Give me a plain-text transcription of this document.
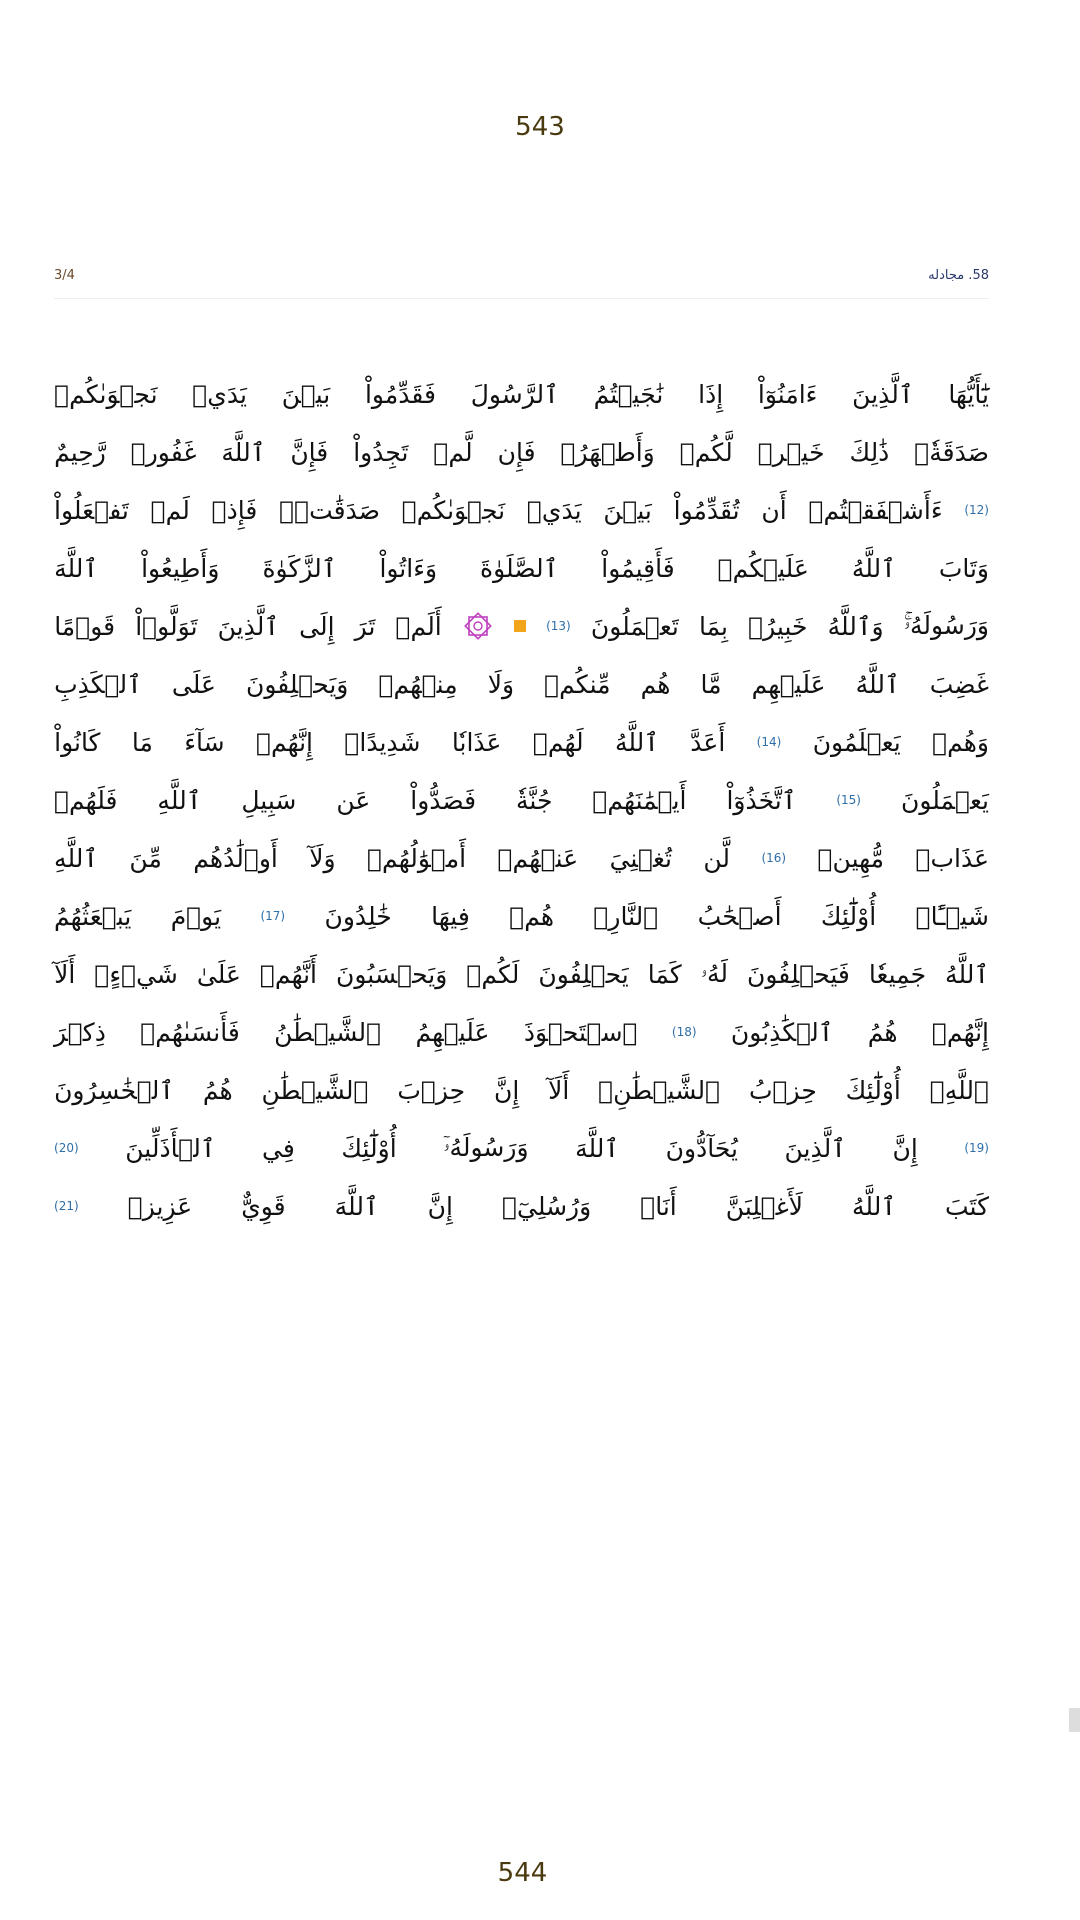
543
3/4	58. مجادله
يَٰٓأَيُّهَا
ٱلَّذِينَ
ءَامَنُوٓاْ
إِذَا
نَٰجَيۡتُمُ
ٱلرَّسُولَ
فَقَدِّمُواْ
بَيۡنَ
يَدَيۡ
نَجۡوَىٰكُمۡ
صَدَقَةٗۚ
ذَٰلِكَ
خَيۡرٞ
لَّكُمۡ
وَأَطۡهَرُۚ
فَإِن
لَّمۡ
تَجِدُواْ
فَإِنَّ
ٱللَّهَ
غَفُورٞ
رَّحِيمٌ
(12)
ءَأَشۡفَقۡتُمۡ
أَن
تُقَدِّمُواْ
بَيۡنَ
يَدَيۡ
نَجۡوَىٰكُمۡ
صَدَقَٰتٖۚ
فَإِذۡ
لَمۡ
تَفۡعَلُواْ
وَتَابَ
ٱللَّهُ
عَلَيۡكُمۡ
فَأَقِيمُواْ
ٱلصَّلَوٰةَ
وَءَاتُواْ
ٱلزَّكَوٰةَ
وَأَطِيعُواْ
ٱللَّهَ
وَرَسُولَهُۥۚ
وَٱللَّهُ
خَبِيرُۢ
بِمَا
تَعۡمَلُونَ
(13)
أَلَمۡ
تَرَ
إِلَى
ٱلَّذِينَ
تَوَلَّوۡاْ
قَوۡمًا
غَضِبَ
ٱللَّهُ
عَلَيۡهِم
مَّا
هُم
مِّنكُمۡ
وَلَا
مِنۡهُمۡ
وَيَحۡلِفُونَ
عَلَى
ٱلۡكَذِبِ
وَهُمۡ
يَعۡلَمُونَ
(14)
أَعَدَّ
ٱللَّهُ
لَهُمۡ
عَذَابٗا
شَدِيدًاۖ
إِنَّهُمۡ
سَآءَ
مَا
كَانُواْ
يَعۡمَلُونَ
(15)
ٱتَّخَذُوٓاْ
أَيۡمَٰنَهُمۡ
جُنَّةٗ
فَصَدُّواْ
عَن
سَبِيلِ
ٱللَّهِ
فَلَهُمۡ
عَذَابٞ
مُّهِينٞ
(16)
لَّن
تُغۡنِيَ
عَنۡهُمۡ
أَمۡوَٰلُهُمۡ
وَلَآ
أَوۡلَٰدُهُم
مِّنَ
ٱللَّهِ
شَيۡـًٔاۚ
أُوْلَٰٓئِكَ
أَصۡحَٰبُ
ٱلنَّارِۖ
هُمۡ
فِيهَا
خَٰلِدُونَ
(17)
يَوۡمَ
يَبۡعَثُهُمُ
ٱللَّهُ
جَمِيعٗا
فَيَحۡلِفُونَ
لَهُۥ
كَمَا
يَحۡلِفُونَ
لَكُمۡ
وَيَحۡسَبُونَ
أَنَّهُمۡ
عَلَىٰ
شَيۡءٍۚ
أَلَآ
إِنَّهُمۡ
هُمُ
ٱلۡكَٰذِبُونَ
(18)
ٱسۡتَحۡوَذَ
عَلَيۡهِمُ
ٱلشَّيۡطَٰنُ
فَأَنسَىٰهُمۡ
ذِكۡرَ
ٱللَّهِۚ
أُوْلَٰٓئِكَ
حِزۡبُ
ٱلشَّيۡطَٰنِۚ
أَلَآ
إِنَّ
حِزۡبَ
ٱلشَّيۡطَٰنِ
هُمُ
ٱلۡخَٰسِرُونَ
(19)
إِنَّ
ٱلَّذِينَ
يُحَآدُّونَ
ٱللَّهَ
وَرَسُولَهُۥٓ
أُوْلَٰٓئِكَ
فِي
ٱلۡأَذَلِّينَ
(20)
كَتَبَ
ٱللَّهُ
لَأَغۡلِبَنَّ
أَنَا۠
وَرُسُلِيٓۚ
إِنَّ
ٱللَّهَ
قَوِيٌّ
عَزِيزٞ
(21)
544
